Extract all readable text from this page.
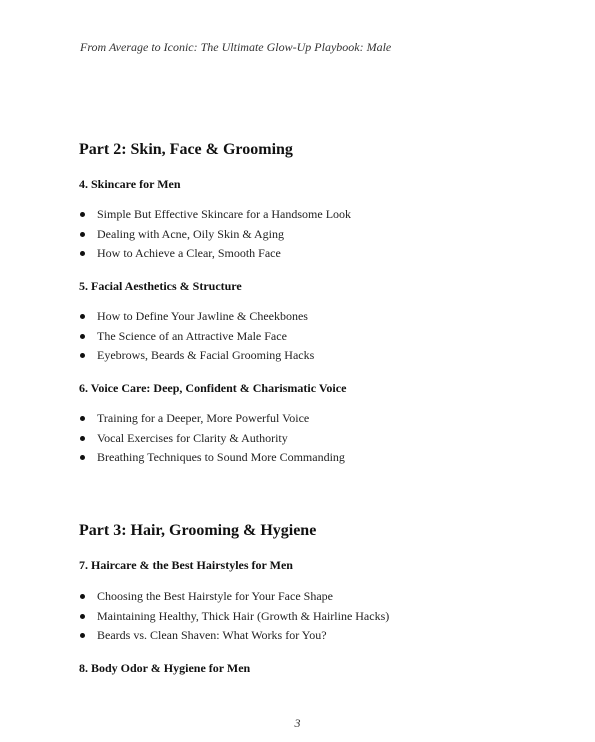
From Average to Iconic: The Ultimate Glow-Up Playbook: Male
Part 2: Skin, Face & Grooming
4. Skincare for Men
Simple But Effective Skincare for a Handsome Look
Dealing with Acne, Oily Skin & Aging
How to Achieve a Clear, Smooth Face
5. Facial Aesthetics & Structure
How to Define Your Jawline & Cheekbones
The Science of an Attractive Male Face
Eyebrows, Beards & Facial Grooming Hacks
6. Voice Care: Deep, Confident & Charismatic Voice
Training for a Deeper, More Powerful Voice
Vocal Exercises for Clarity & Authority
Breathing Techniques to Sound More Commanding
Part 3: Hair, Grooming & Hygiene
7. Haircare & the Best Hairstyles for Men
Choosing the Best Hairstyle for Your Face Shape
Maintaining Healthy, Thick Hair (Growth & Hairline Hacks)
Beards vs. Clean Shaven: What Works for You?
8. Body Odor & Hygiene for Men
3
